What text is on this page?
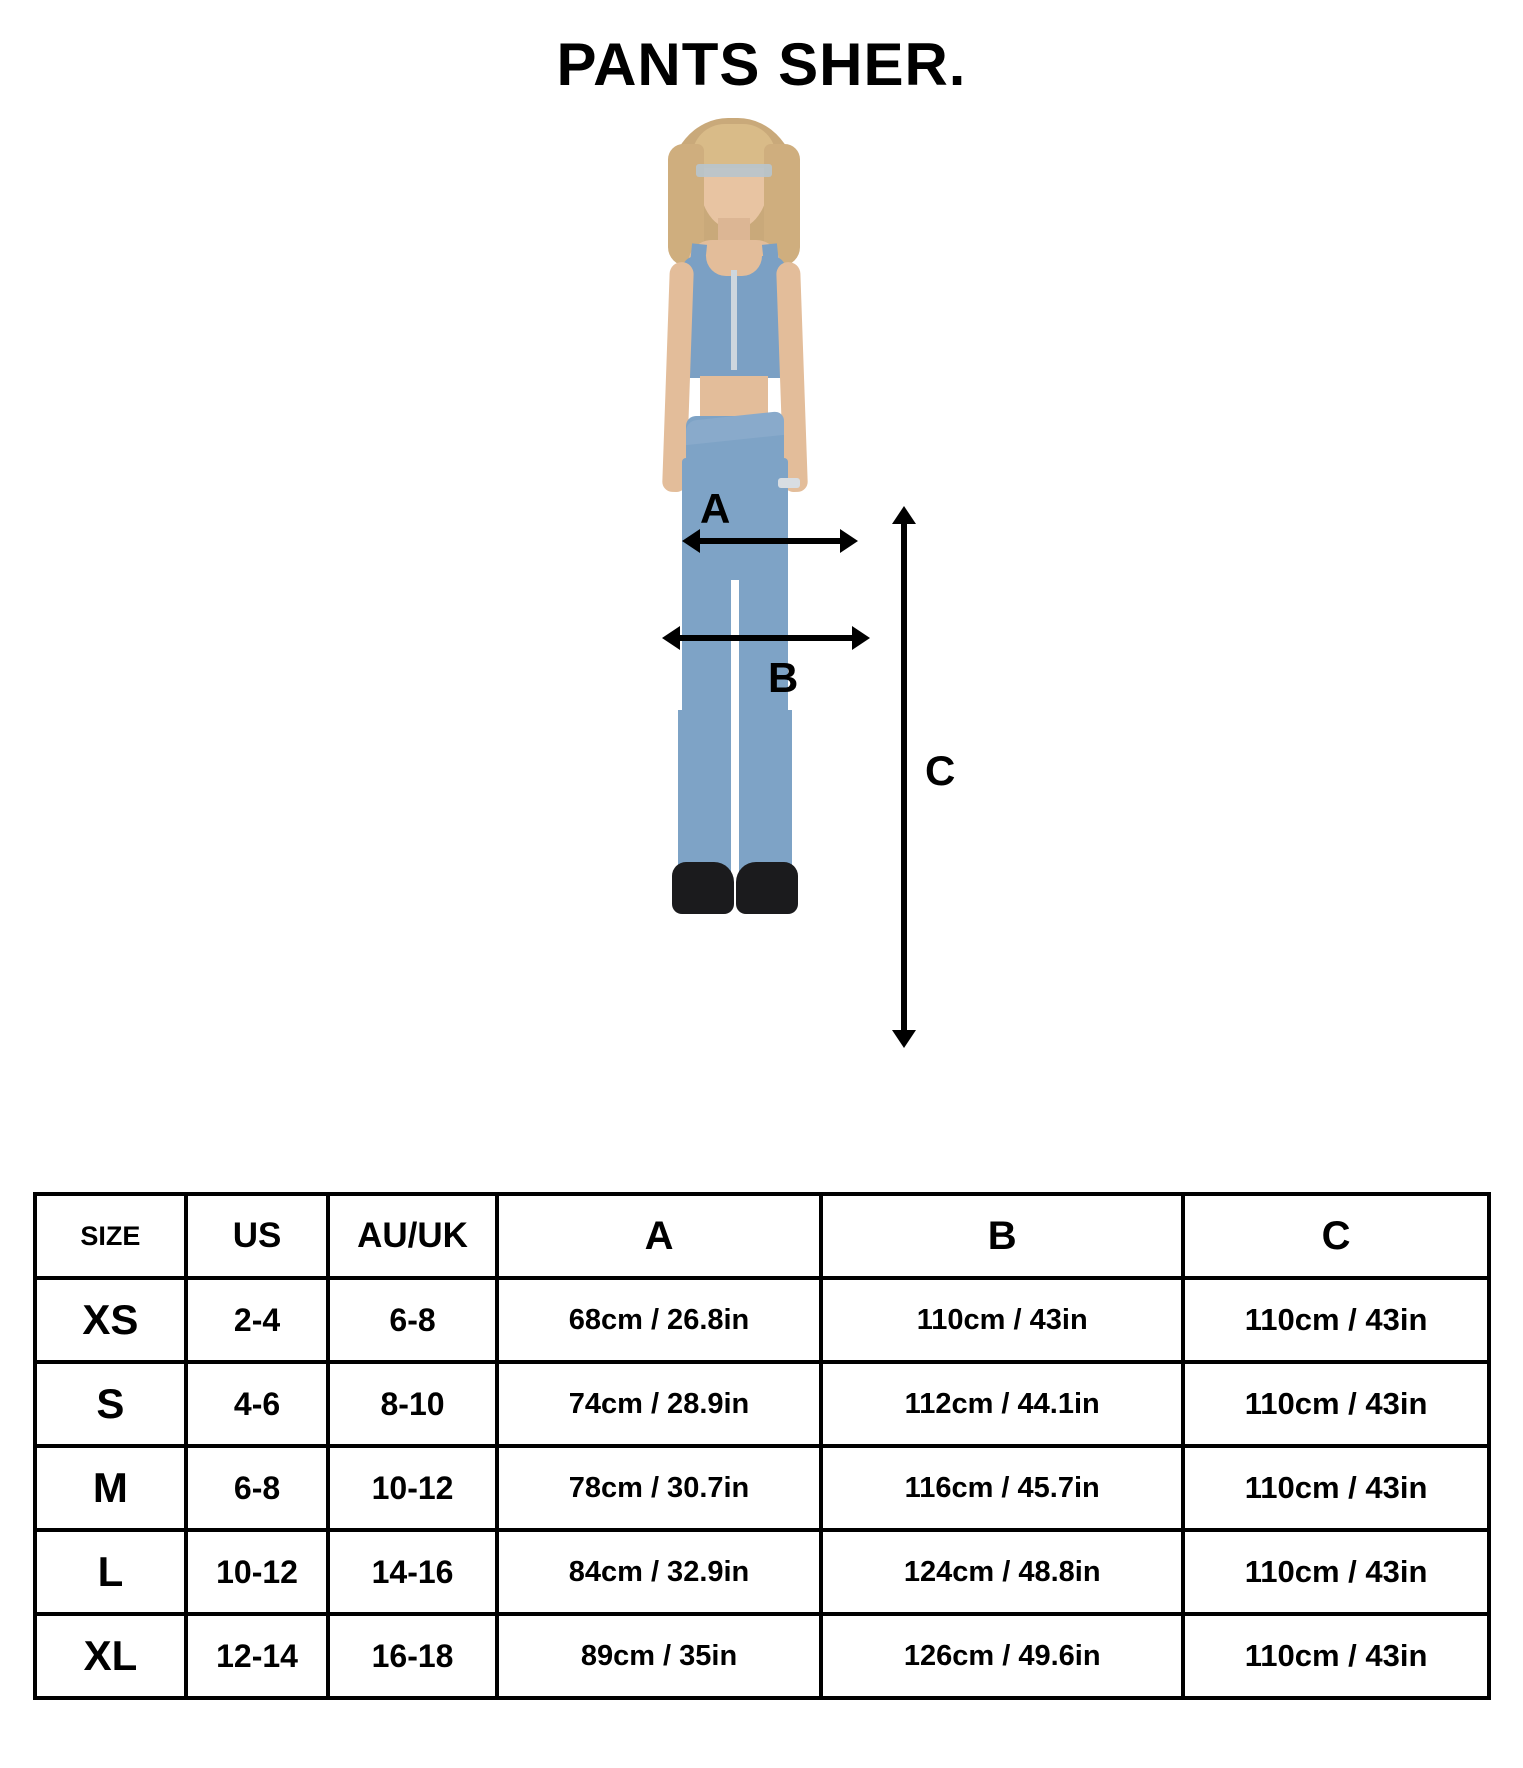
PANTS SHER.
A
B
C
SIZE	US	AU/UK	A	B	C
XS	2-4	6-8	68cm / 26.8in	110cm / 43in	110cm / 43in
S	4-6	8-10	74cm / 28.9in	112cm / 44.1in	110cm / 43in
M	6-8	10-12	78cm / 30.7in	116cm / 45.7in	110cm / 43in
L	10-12	14-16	84cm / 32.9in	124cm / 48.8in	110cm / 43in
XL	12-14	16-18	89cm / 35in	126cm / 49.6in	110cm / 43in
